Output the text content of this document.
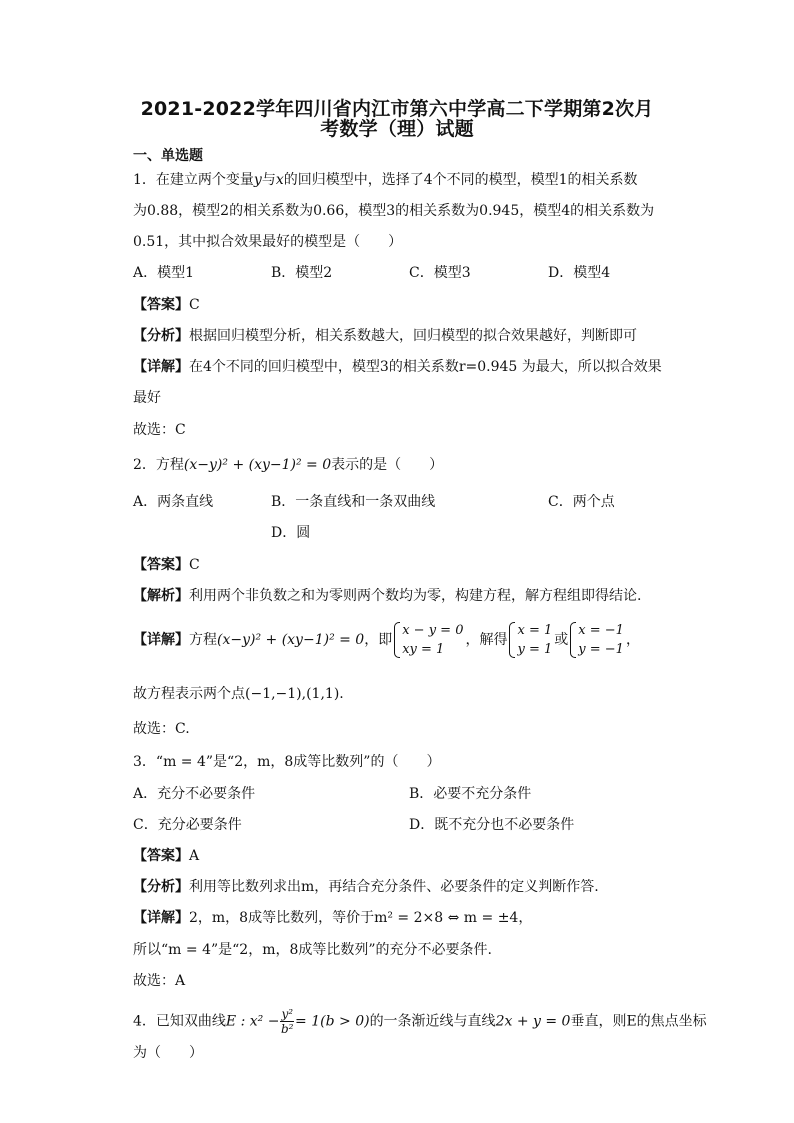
2021-2022学年四川省内江市第六中学高二下学期第2次月
考数学（理）试题
一、单选题
1．在建立两个变量𝑦与𝑥的回归模型中，选择了4个不同的模型，模型1的相关系数
为0.88，模型2的相关系数为0.66，模型3的相关系数为0.945，模型4的相关系数为
0.51，其中拟合效果最好的模型是（　　）
A．模型1	B．模型2	C．模型3	D．模型4
【答案】C
【分析】根据回归模型分析，相关系数越大，回归模型的拟合效果越好，判断即可
【详解】在4个不同的回归模型中，模型3的相关系数r=0.945 为最大，所以拟合效果
最好
故选：C
2．方程(x−y)² + (xy−1)² = 0表示的是（　　）
A．两条直线	B．一条直线和一条双曲线	C．两个点
D．圆
【答案】C
【解析】利用两个非负数之和为零则两个数均为零，构建方程，解方程组即得结论.
【详解】方程(x−y)² + (xy−1)² = 0，即
x − y = 0
xy = 1
，解得
x = 1
y = 1
或
x = −1
y = −1
，
故方程表示两个点(−1,−1),(1,1).
故选：C.
3．“m = 4”是“2，m，8成等比数列”的（　　）
A．充分不必要条件	B．必要不充分条件
C．充分必要条件	D．既不充分也不必要条件
【答案】A
【分析】利用等比数列求出m，再结合充分条件、必要条件的定义判断作答.
【详解】2，m，8成等比数列，等价于m² = 2×8 ⇔ m = ±4，
所以“m = 4”是“2，m，8成等比数列”的充分不必要条件.
故选：A
4．已知双曲线E : $x^2 - \frac{\text{y²}}{\text{b²}} = 1(b > 0)$的一条渐近线与直线2x + y = 0垂直，则E的焦点坐标
为（　　）
